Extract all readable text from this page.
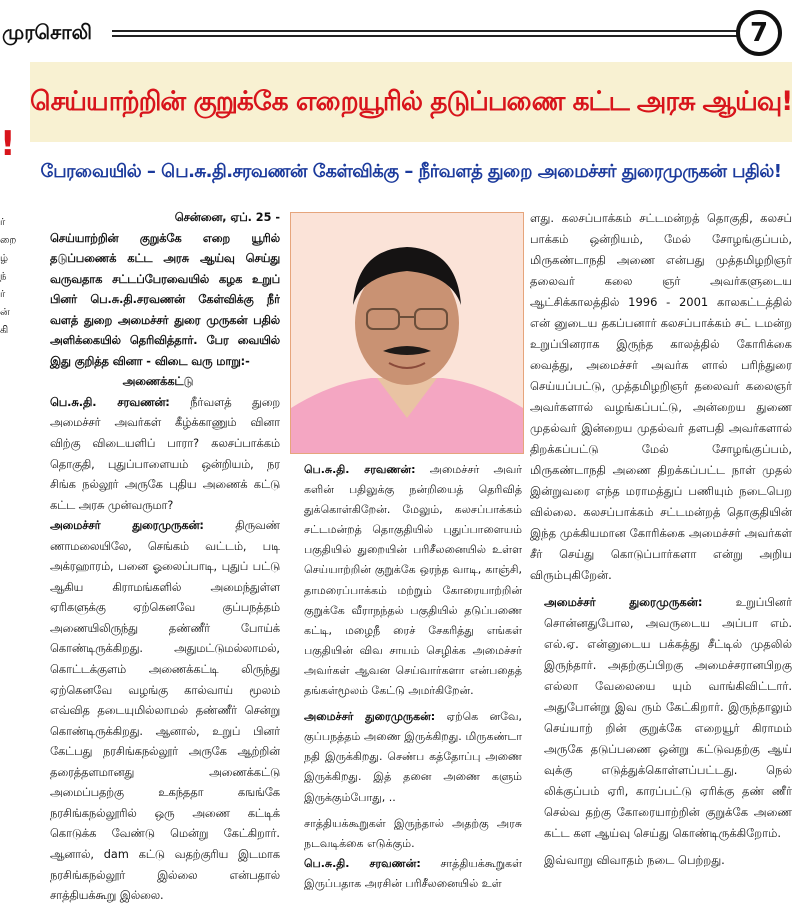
முரசொலி	7
!
ர்
றை
ழ்
ந்
ர்
ன்
கி
செய்யாற்றின் குறுக்கே எறையூரில் தடுப்பணை கட்ட அரசு ஆய்வு!
பேரவையில் – பெ.சு.தி.சரவணன் கேள்விக்கு – நீர்வளத் துறை அமைச்சர் துரைமுருகன் பதில்!

சென்னை, ஏப். 25 -

செய்யாற்றின் குறுக்கே எறை யூரில் தடுப்பணைக் கட்ட அரசு ஆய்வு செய்து வருவதாக சட்டப்பேரவையில் கழக உறுப் பினர் பெ.சு.தி.சரவணன் கேள்விக்கு நீர் வளத் துறை அமைச்சர் துரை முருகன் பதில் அளிக்கையில் தெரிவித்தார். பேர வையில் இது குறித்த வினா - விடை வரு மாறு:-

அணைக்கட்டு

பெ.சு.தி. சரவணன்: நீர்வளத் துறை அமைச்சர் அவர்கள் கீழ்க்காணும் வினா விற்கு விடையளிப் பாரா? கலசப்பாக்கம் தொகுதி, புதுப்பாளையம் ஒன்றியம், நர சிங்க நல்லூர் அருகே புதிய அணைக் கட்டு கட்ட அரசு முன்வருமா?

அமைச்சர் துரைமுருகன்: திருவண் ணாமலையிலே, செங்கம் வட்டம், படி அக்ரஹாரம், பனை ஓலைப்பாடி, புதுப் பட்டு ஆகிய கிராமங்களில் அமைந்துள்ள ஏரிகளுக்கு ஏற்கெனவே குப்பநத்தம் அணையிலிருந்து தண்ணீர் போய்க் கொண்டிருக்கிறது. அதுமட்டுமல்லாமல், கொட்டக்குளம் அணைக்கட்டி லிருந்து ஏற்கெனவே வழங்கு கால்வாய் மூலம் எவ்வித தடையுமில்லாமல் தண்ணீர் சென்று கொண்டிருக்கிறது. ஆனால், உறுப் பினர் கேட்பது நரசிங்கநல்லூர் அருகே ஆற்றின் தரைத்தளமானது அணைக்கட்டு அமைப்பதற்கு உகந்ததா கஙங்கே நரசிங்கநல்லூரில் ஒரு அணை கட்டிக் கொடுக்க வேண்டு மென்று கேட்கிறார். ஆனால், dam கட்டு வதற்குரிய இடமாக நரசிங்கநல்லூர் இல்லை என்பதால் சாத்தியக்கூறு இல்லை.

பெ.சு.தி. சரவணன்: அமைச்சர் அவர் களின் பதிலுக்கு நன்றியைத் தெரிவித் துக்கொள்கிறேன். மேலும், கலசப்பாக்கம் சட்டமன்றத் தொகுதியில் புதுப்பாளையம் பகுதியில் துறையின் பரிசீலனையில் உள்ள செய்யாற்றின் குறுக்கே ஒரந்த வாடி, காஞ்சி, தாமரைப்பாக்கம் மற்றும் கோரையாற்றின் குறுக்கே வீராநந்தல் பகுதியில் தடுப்பணை கட்டி, மழைநீ ரைச் சேகரித்து எங்கள் பகுதியின் விவ சாயம் செழிக்க அமைச்சர் அவர்கள் ஆவன செய்வார்களா என்பதைத் தங்கள்மூலம் கேட்டு அமர்கிறேன்.

அமைச்சர் துரைமுருகன்: ஏற்கெ னவே, குப்பநத்தம் அணை இருக்கிறது. மிருகண்டா நதி இருக்கிறது. செண்ப கத்தோப்பு அணை இருக்கிறது. இத் தனை அணை களும் இருக்கும்போது, ..

சாத்தியக்கூறுகள் இருந்தால் அதற்கு அரசு நடவடிக்கை எடுக்கும்.

பெ.சு.தி. சரவணன்: சாத்தியக்கூறுகள் இருப்பதாக அரசின் பரிசீலனையில் உள்

ளது. கலசப்பாக்கம் சட்டமன்றத் தொகுதி, கலசப் பாக்கம் ஒன்றியம், மேல் சோழங்குப்பம், மிருகண்டாநதி அணை என்பது முத்தமிழறிஞர் தலைவர் கலை ஞர் அவர்களுடைய ஆட்சிக்காலத்தில் 1996 - 2001 காலகட்டத்தில் என் னுடைய தகப்பனார் கலசப்பாக்கம் சட் டமன்ற உறுப்பினராக இருந்த காலத்தில் கோரிக்கை வைத்து, அமைச்சர் அவர்க ளால் பரிந்துரை செய்யப்பட்டு, முத்தமிழறிஞர் தலைவர் கலைஞர் அவர்களால் வழங்கப்பட்டு, அன்றைய துணை முதல்வர் இன்றைய முதல்வர் தளபதி அவர்களால் திறக்கப்பட்டு மேல் சோழங்குப்பம், மிருகண்டாநதி அணை திறக்கப்பட்ட நாள் முதல் இன்றுவரை எந்த மராமத்துப் பணியும் நடைபெற வில்லை. கலசப்பாக்கம் சட்டமன்றத் தொகுதியின் இந்த முக்கியமான கோரிக்கை அமைச்சர் அவர்கள் சீர் செய்து கொடுப்பார்களா என்று அறிய விரும்புகிறேன்.

அமைச்சர் துரைமுருகன்: உறுப்பினர் சொன்னதுபோல, அவருடைய அப்பா எம். எல்.ஏ. என்னுடைய பக்கத்து சீட்டில் முதலில் இருந்தார். அதற்குப்பிறகு அமைச்சரானபிறகு எல்லா வேலையை யும் வாங்கிவிட்டார். அதுபோன்று இவ ரும் கேட்கிறார். இருந்தாலும் செய்யாற் றின் குறுக்கே எறையூர் கிராமம் அருகே தடுப்பணை ஒன்று கட்டுவதற்கு ஆய் வுக்கு எடுத்துக்கொள்ளப்பட்டது. நெல் லிக்குப்பம் ஏரி, காரப்பட்டு ஏரிக்கு தண் ணீர் செல்வ தற்கு கோரையாற்றின் குறுக்கே அணை கட்ட கள ஆய்வு செய்து கொண்டிருக்கிறோம்.

இவ்வாறு விவாதம் நடை பெற்றது.
